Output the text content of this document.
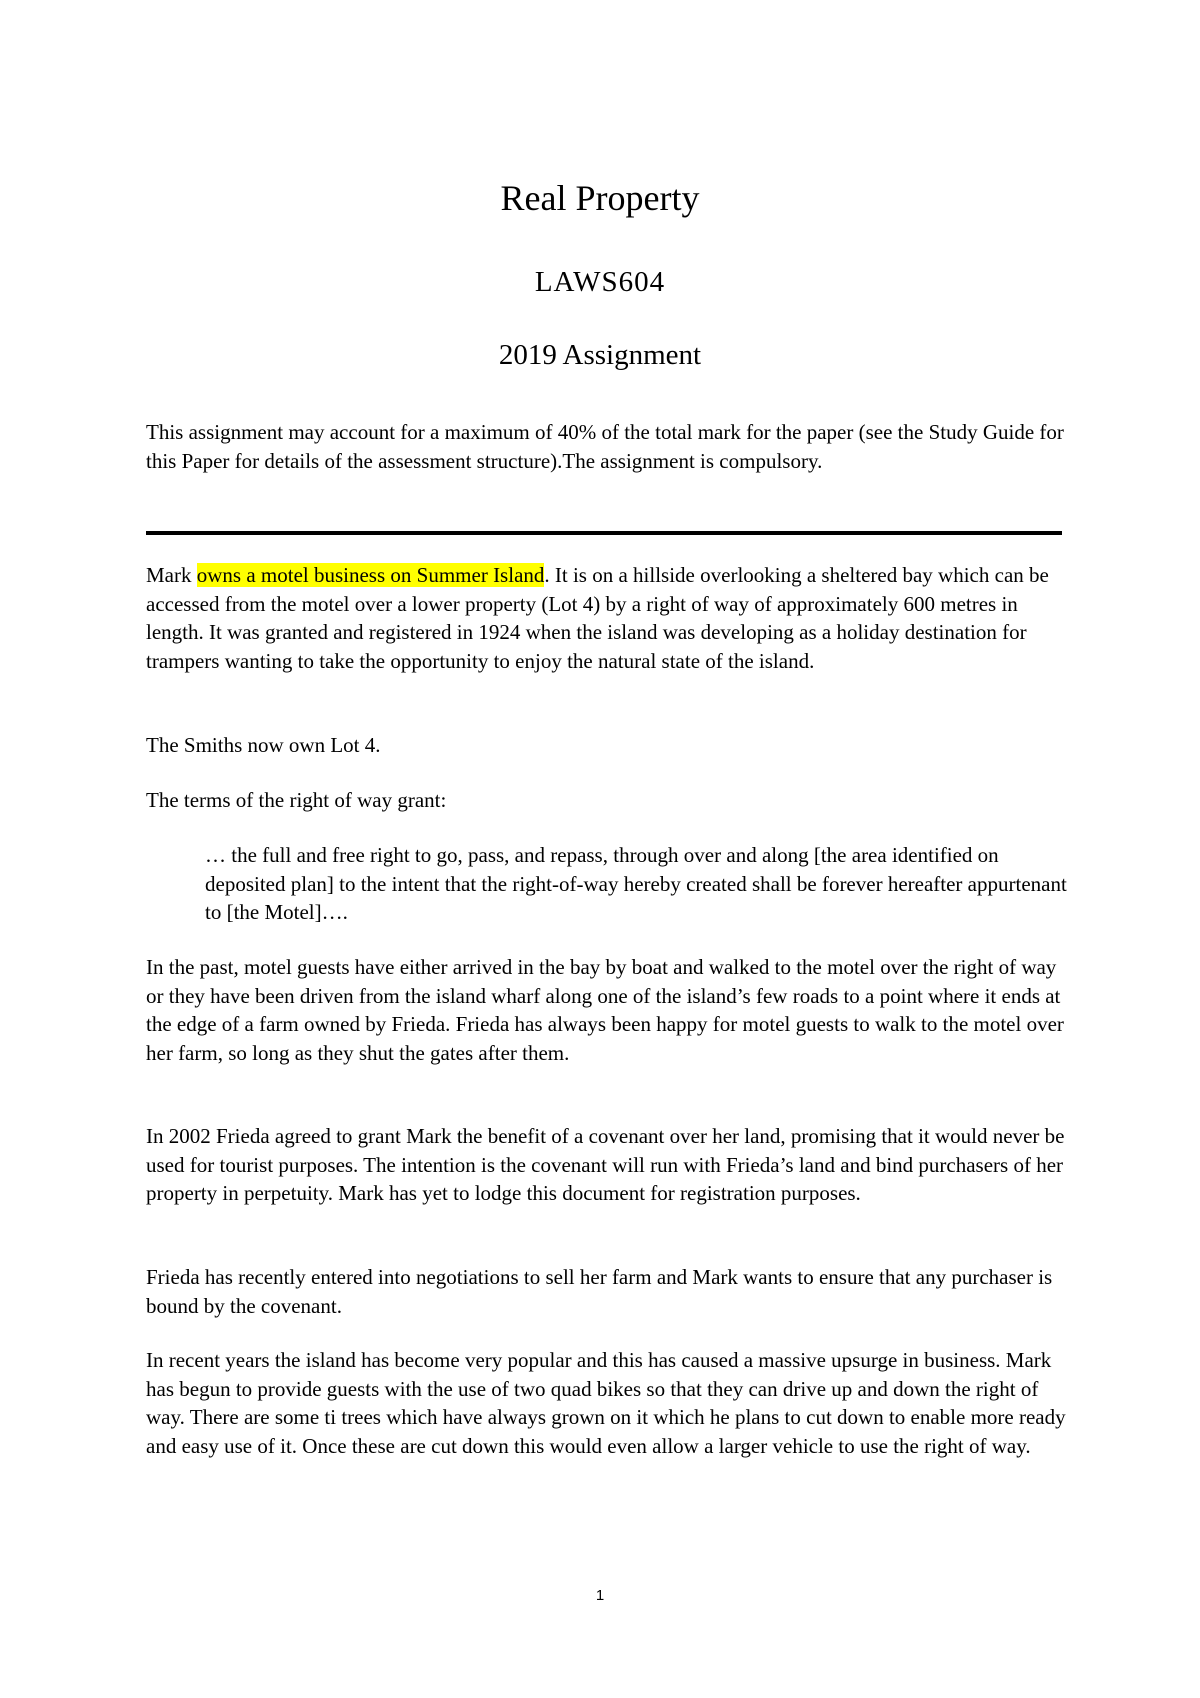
Real Property
LAWS604
2019 Assignment

This assignment may account for a maximum of 40% of the total mark for the paper (see the Study Guide for this Paper for details of the assessment structure).The assignment is compulsory.

Mark owns a motel business on Summer Island. It is on a hillside overlooking a sheltered bay which can be accessed from the motel over a lower property (Lot 4) by a right of way of approximately 600 metres in length. It was granted and registered in 1924 when the island was developing as a holiday destination for trampers wanting to take the opportunity to enjoy the natural state of the island.

The Smiths now own Lot 4.

The terms of the right of way grant:

… the full and free right to go, pass, and repass, through over and along [the area identified on deposited plan] to the intent that the right-of-way hereby created shall be forever hereafter appurtenant to [the Motel]….

In the past, motel guests have either arrived in the bay by boat and walked to the motel over the right of way or they have been driven from the island wharf along one of the island’s few roads to a point where it ends at the edge of a farm owned by Frieda. Frieda has always been happy for motel guests to walk to the motel over her farm, so long as they shut the gates after them.

In 2002 Frieda agreed to grant Mark the benefit of a covenant over her land, promising that it would never be used for tourist purposes. The intention is the covenant will run with Frieda’s land and bind purchasers of her property in perpetuity. Mark has yet to lodge this document for registration purposes.

Frieda has recently entered into negotiations to sell her farm and Mark wants to ensure that any purchaser is bound by the covenant.

In recent years the island has become very popular and this has caused a massive upsurge in business. Mark has begun to provide guests with the use of two quad bikes so that they can drive up and down the right of way. There are some ti trees which have always grown on it which he plans to cut down to enable more ready and easy use of it. Once these are cut down this would even allow a larger vehicle to use the right of way.

1
